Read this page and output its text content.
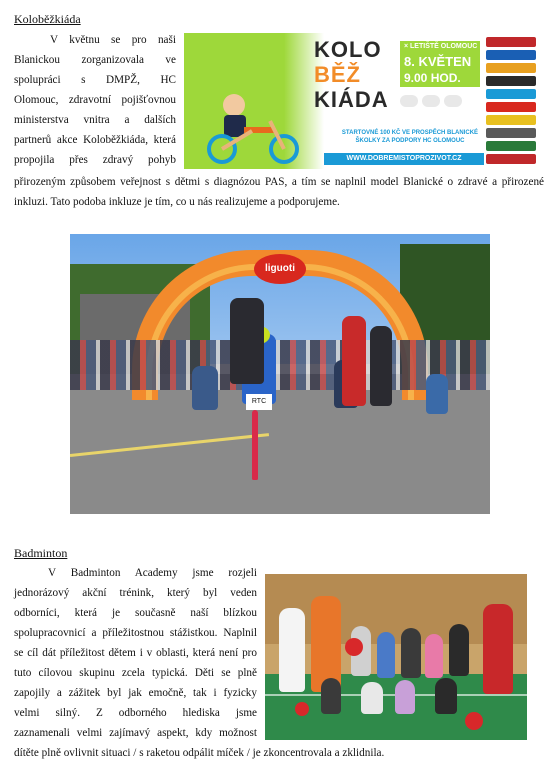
Koloběžkiáda
V květnu se pro naši
Blanickou zorganizovala ve
spolupráci s DMPŽ, HC
Olomouc, zdravotní pojišťovnou
ministerstva vnitra a dalších
partnerů akce Koloběžkiáda, která
propojila přes zdravý pohyb
přirozeným způsobem veřejnost s dětmi s diagnózou PAS, a tím se naplnil model Blanické o zdravé a přirozené
inkluzi. Tato podoba inkluze je tím, co u nás realizujeme a podporujeme.
KOLO
BĚŽ
KIÁDA
× LETIŠTĚ OLOMOUC
8. KVĚTEN
9.00 HOD.
STARTOVNÉ 100 KČ VE PROSPĚCH BLANICKÉ ŠKOLKY ZA PODPORY HC OLOMOUC
WWW.DOBREMISTOPROZIVOT.CZ
liguoti
RTC
Badminton
V Badminton Academy jsme rozjeli
jednorázový akční trénink, který byl veden
odborníci, která je současně naší blízkou
spolupracovnicí a příležitostnou stážistkou. Naplnil
se cíl dát příležitost dětem i v oblasti, která není pro
tuto cílovou skupinu zcela typická. Děti se plně
zapojily a zážitek byl jak emočně, tak i fyzicky
velmi silný. Z odborného hlediska jsme
zaznamenali velmi zajímavý aspekt, kdy možnost
dítěte plně ovlivnit situaci / s raketou odpálit míček / je zkoncentrovala a zklidnila.
